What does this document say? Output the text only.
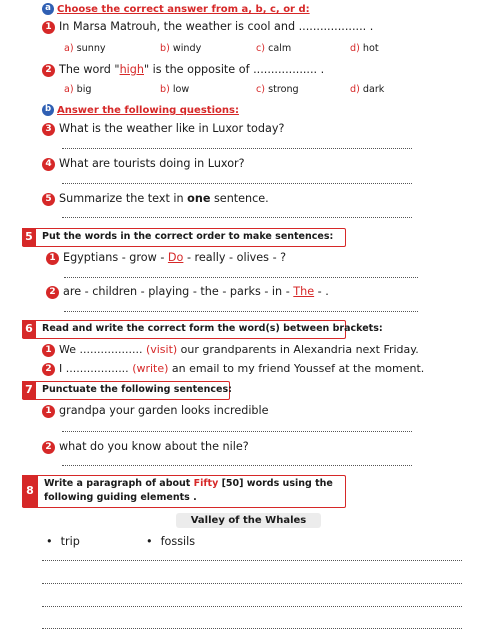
a Choose the correct answer from a, b, c, or d:
1 In Marsa Matrouh, the weather is cool and ................... .
a) sunny	b) windy	c) calm	d) hot
2 The word "high" is the opposite of .................. .
a) big	b) low	c) strong	d) dark
b Answer the following questions:
3 What is the weather like in Luxor today?
4 What are tourists doing in Luxor?
5 Summarize the text in one sentence.
5 Put the words in the correct order to make sentences:
1 Egyptians - grow - Do - really - olives - ?
2 are - children - playing - the - parks - in - The - .
6 Read and write the correct form the word(s) between brackets:
1 We .................. (visit) our grandparents in Alexandria next Friday.
2 I .................. (write) an email to my friend Youssef at the moment.
7 Punctuate the following sentences:
1 grandpa your garden looks incredible
2 what do you know about the nile?
8
Write a paragraph of about Fifty [50] words using the
following guiding elements .
Valley of the Whales
• trip
•	fossils
